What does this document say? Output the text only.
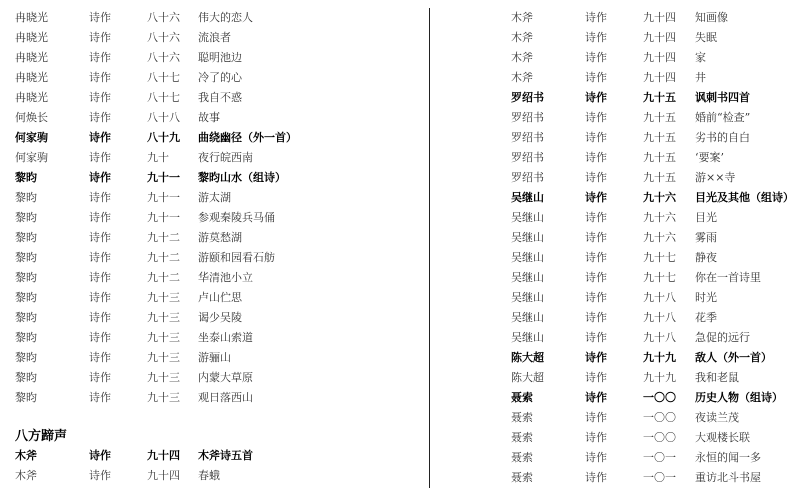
冉晓光	诗作	八十六 伟大的恋人
冉晓光	诗作	八十六 流浪者
冉晓光	诗作	八十六 聪明池边
冉晓光	诗作	八十七 冷了的心
冉晓光	诗作	八十七 我自不惑
何焕长	诗作	八十八 故事
何家驹	诗作	八十九 曲绕幽径（外一首）
何家驹	诗作	九十	夜行皖西南
黎昀	诗作	九十一 黎昀山水（组诗）
黎昀	诗作	九十一 游太湖
黎昀	诗作	九十一 参观秦陵兵马俑
黎昀	诗作	九十二 游莫愁湖
黎昀	诗作	九十二 游颐和园看石舫
黎昀	诗作	九十二 华清池小立
黎昀	诗作	九十三 卢山伫思
黎昀	诗作	九十三 谒少吴陵
黎昀	诗作	九十三 坐泰山索道
黎昀	诗作	九十三 游骊山
黎昀	诗作	九十三 内蒙大草原
黎昀	诗作	九十三 观日落西山
八方蹄声
木斧	诗作	九十四 木斧诗五首
木斧	诗作	九十四 春蛾
木斧	诗作	九十四 知画像
木斧	诗作	九十四 失眠
木斧	诗作	九十四 家
木斧	诗作	九十四 井
罗绍书	诗作	九十五 讽刺书四首
罗绍书	诗作	九十五 婚前“检查”
罗绍书	诗作	九十五 劣书的自白
罗绍书	诗作	九十五 ‘要案’
罗绍书	诗作	九十五 游××寺
吴继山	诗作	九十六 目光及其他（组诗）
吴继山	诗作	九十六 目光
吴继山	诗作	九十六 雾雨
吴继山	诗作	九十七 静夜
吴继山	诗作	九十七 你在一首诗里
吴继山	诗作	九十八 时光
吴继山	诗作	九十八 花季
吴继山	诗作	九十八 急促的远行
陈大超	诗作	九十九 敌人（外一首）
陈大超	诗作	九十九 我和老鼠
聂索	诗作	一〇〇 历史人物（组诗）
聂索	诗作	一〇〇 夜读兰茂
聂索	诗作	一〇〇 大观楼长联
聂索	诗作	一〇一 永恒的闻一多
聂索	诗作	一〇一 重访北斗书屋
